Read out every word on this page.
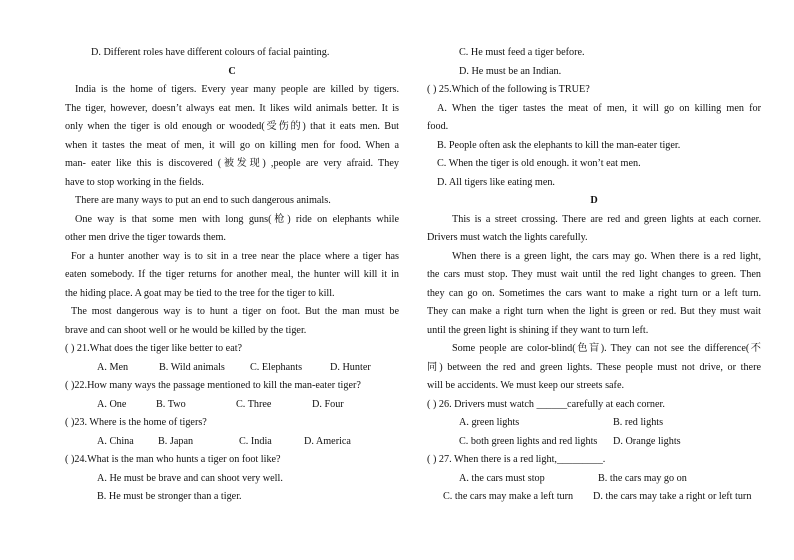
D. Different roles have different colours of facial painting.
C
India is the home of tigers. Every year many people are killed by tigers.
The tiger, however, doesn’t always eat men. It likes wild animals better. It is
only when the tiger is old enough or wooded(受伤的) that it eats men. But
when it tastes the meat of men, it will go on killing men for food. When a
man- eater like this is discovered (被发现) ,people are very afraid. They
have to stop working in the fields.
There are many ways to put an end to such dangerous animals.
One way is that some men with long guns(枪) ride on elephants while
other men drive the tiger towards them.
For a hunter another way is to sit in a tree near the place where a tiger has
eaten somebody. If the tiger returns for another meal, the hunter will kill it in
the hiding place. A goat may be tied to the tree for the tiger to kill.
The most dangerous way is to hunt a tiger on foot. But the man must be
brave and can shoot well or he would be killed by the tiger.
( ) 21.What does the tiger like better to eat?
A. Men	B. Wild animals	C. Elephants	D. Hunter
( )22.How many ways the passage mentioned to kill the man-eater tiger?
A. One	B. Two	C. Three	D. Four
( )23. Where is the home of tigers?
A. China	B. Japan	C. India	D. America
( )24.What is the man who hunts a tiger on foot like?
A. He must be brave and can shoot very well.
B. He must be stronger than a tiger.
C. He must feed a tiger before.
D. He must be an Indian.
( ) 25.Which of the following is TRUE?
A. When the tiger tastes the meat of men, it will go on killing men for
food.
B. People often ask the elephants to kill the man-eater tiger.
C. When the tiger is old enough. it won’t eat men.
D. All tigers like eating men.
D
This is a street crossing. There are red and green lights at each corner.
Drivers must watch the lights carefully.
When there is a green light, the cars may go. When there is a red light,
the cars must stop. They must wait until the red light changes to green. Then
they can go on. Sometimes the cars want to make a right turn or a left turn.
They can make a right turn when the light is green or red. But they must wait
until the green light is shining if they want to turn left.
Some people are color-blind(色盲). They can not see the difference(不
同) between the red and green lights. These people must not drive, or there
will be accidents. We must keep our streets safe.
( ) 26. Drivers must watch ______carefully at each corner.
A. green lights	B. red lights
C. both green lights and red lights	D. Orange lights
( ) 27. When there is a red light,_________.
A. the cars must stop	B. the cars may go on
C. the cars may make a left turn	D. the cars may take a right or left turn
